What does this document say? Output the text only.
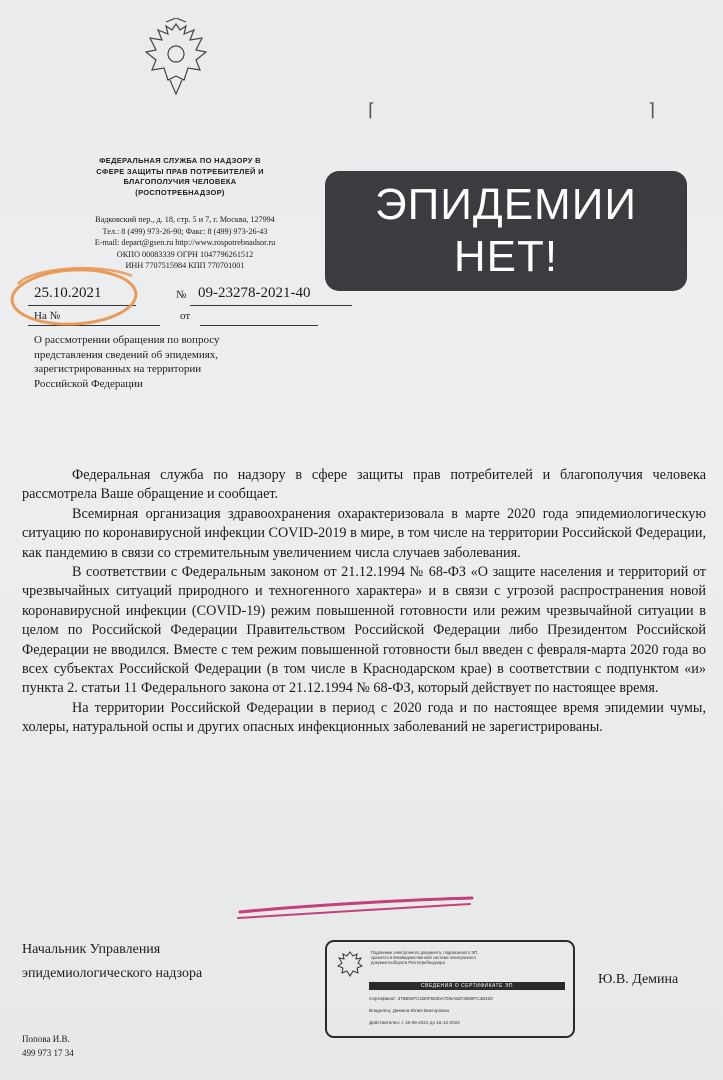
⌈	⌉
ФЕДЕРАЛЬНАЯ СЛУЖБА ПО НАДЗОРУ В
СФЕРЕ ЗАЩИТЫ ПРАВ ПОТРЕБИТЕЛЕЙ И
БЛАГОПОЛУЧИЯ ЧЕЛОВЕКА
(РОСПОТРЕБНАДЗОР)
Вадковский пер., д. 18, стр. 5 и 7, г. Москва, 127994
Тел.: 8 (499) 973-26-90; Факс: 8 (499) 973-26-43
E-mail: depart@gsen.ru http://www.rospotrebnadsor.ru
ОКПО 00083339 ОГРН 1047796261512
ИНН 7707515984 КПП 770701001
25.10.2021	№ 09-23278-2021-40
На №	от
О рассмотрении обращения по вопросу
представления сведений об эпидемиях,
зарегистрированных на территории
Российской Федерации

Федеральная служба по надзору в сфере защиты прав потребителей и благополучия человека рассмотрела Ваше обращение и сообщает.

Всемирная организация здравоохранения охарактеризовала в марте 2020 года эпидемиологическую ситуацию по коронавирусной инфекции COVID-2019 в мире, в том числе на территории Российской Федерации, как пандемию в связи со стремительным увеличением числа случаев заболевания.

В соответствии с Федеральным законом от 21.12.1994 № 68-ФЗ «О защите населения и территорий от чрезвычайных ситуаций природного и техногенного характера» и в связи с угрозой распространения новой коронавирусной инфекции (COVID-19) режим повышенной готовности или режим чрезвычайной ситуации в целом по Российской Федерации Правительством Российской Федерации либо Президентом Российской Федерации не вводился. Вместе с тем режим повышенной готовности был введен с февраля-марта 2020 года во всех субъектах Российской Федерации (в том числе в Краснодарском крае) в соответствии с подпунктом «и» пункта 2. статьи 11 Федерального закона от 21.12.1994 № 68-ФЗ, который действует по настоящее время.

На территории Российской Федерации в период с 2020 года и по настоящее время эпидемии чумы, холеры, натуральной оспы и других опасных инфекционных заболеваний не зарегистрированы.

Начальник Управления
эпидемиологического надзора
Подлинник электронного документа, подписанного ЭП,
хранится в Межведомственной системе электронного
документооборота Роспотребнадзора
СВЕДЕНИЯ О СЕРТИФИКАТЕ ЭП
Сертификат: 379B92FC1B0F5830A7D5A52F2598FC3B420
Владелец: Демина Юлия Викторовна
Действителен: с 16-09-2021 до 16-12-2022
Ю.В. Демина
Попова И.В.
499 973 17 34
ЭПИДЕМИИ
НЕТ!
